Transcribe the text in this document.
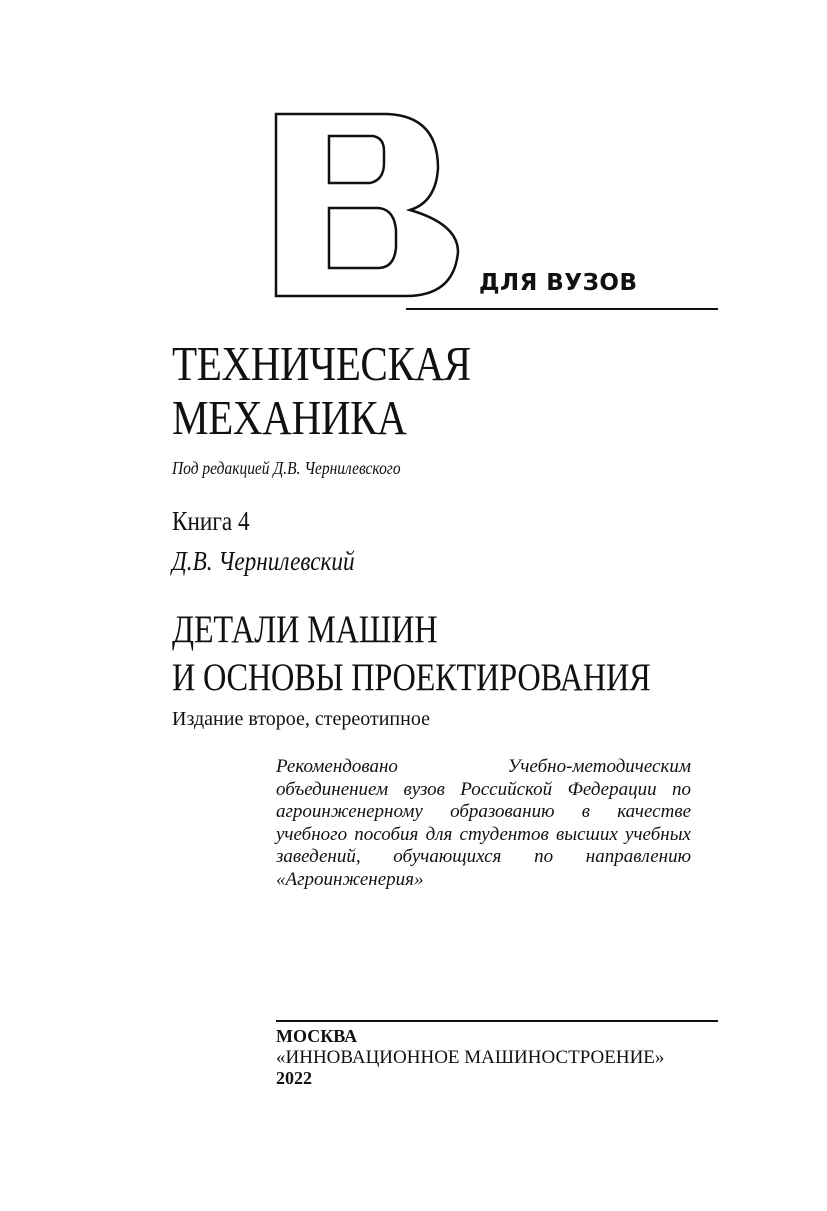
ДЛЯ ВУЗОВ
ТЕХНИЧЕСКАЯ
МЕХАНИКА
Под редакцией Д.В. Чернилевского
Книга 4
Д.В. Чернилевский
ДЕТАЛИ МАШИН
И ОСНОВЫ ПРОЕКТИРОВАНИЯ
Издание второе, стереотипное

Рекомендовано Учебно-методическим объединением вузов Российской Федерации по агроинженерному образованию в качестве учебного пособия для студентов высших учебных заведений, обучающихся по направлению «Агроинженерия»

МОСКВА
«ИННОВАЦИОННОЕ МАШИНОСТРОЕНИЕ»
2022
